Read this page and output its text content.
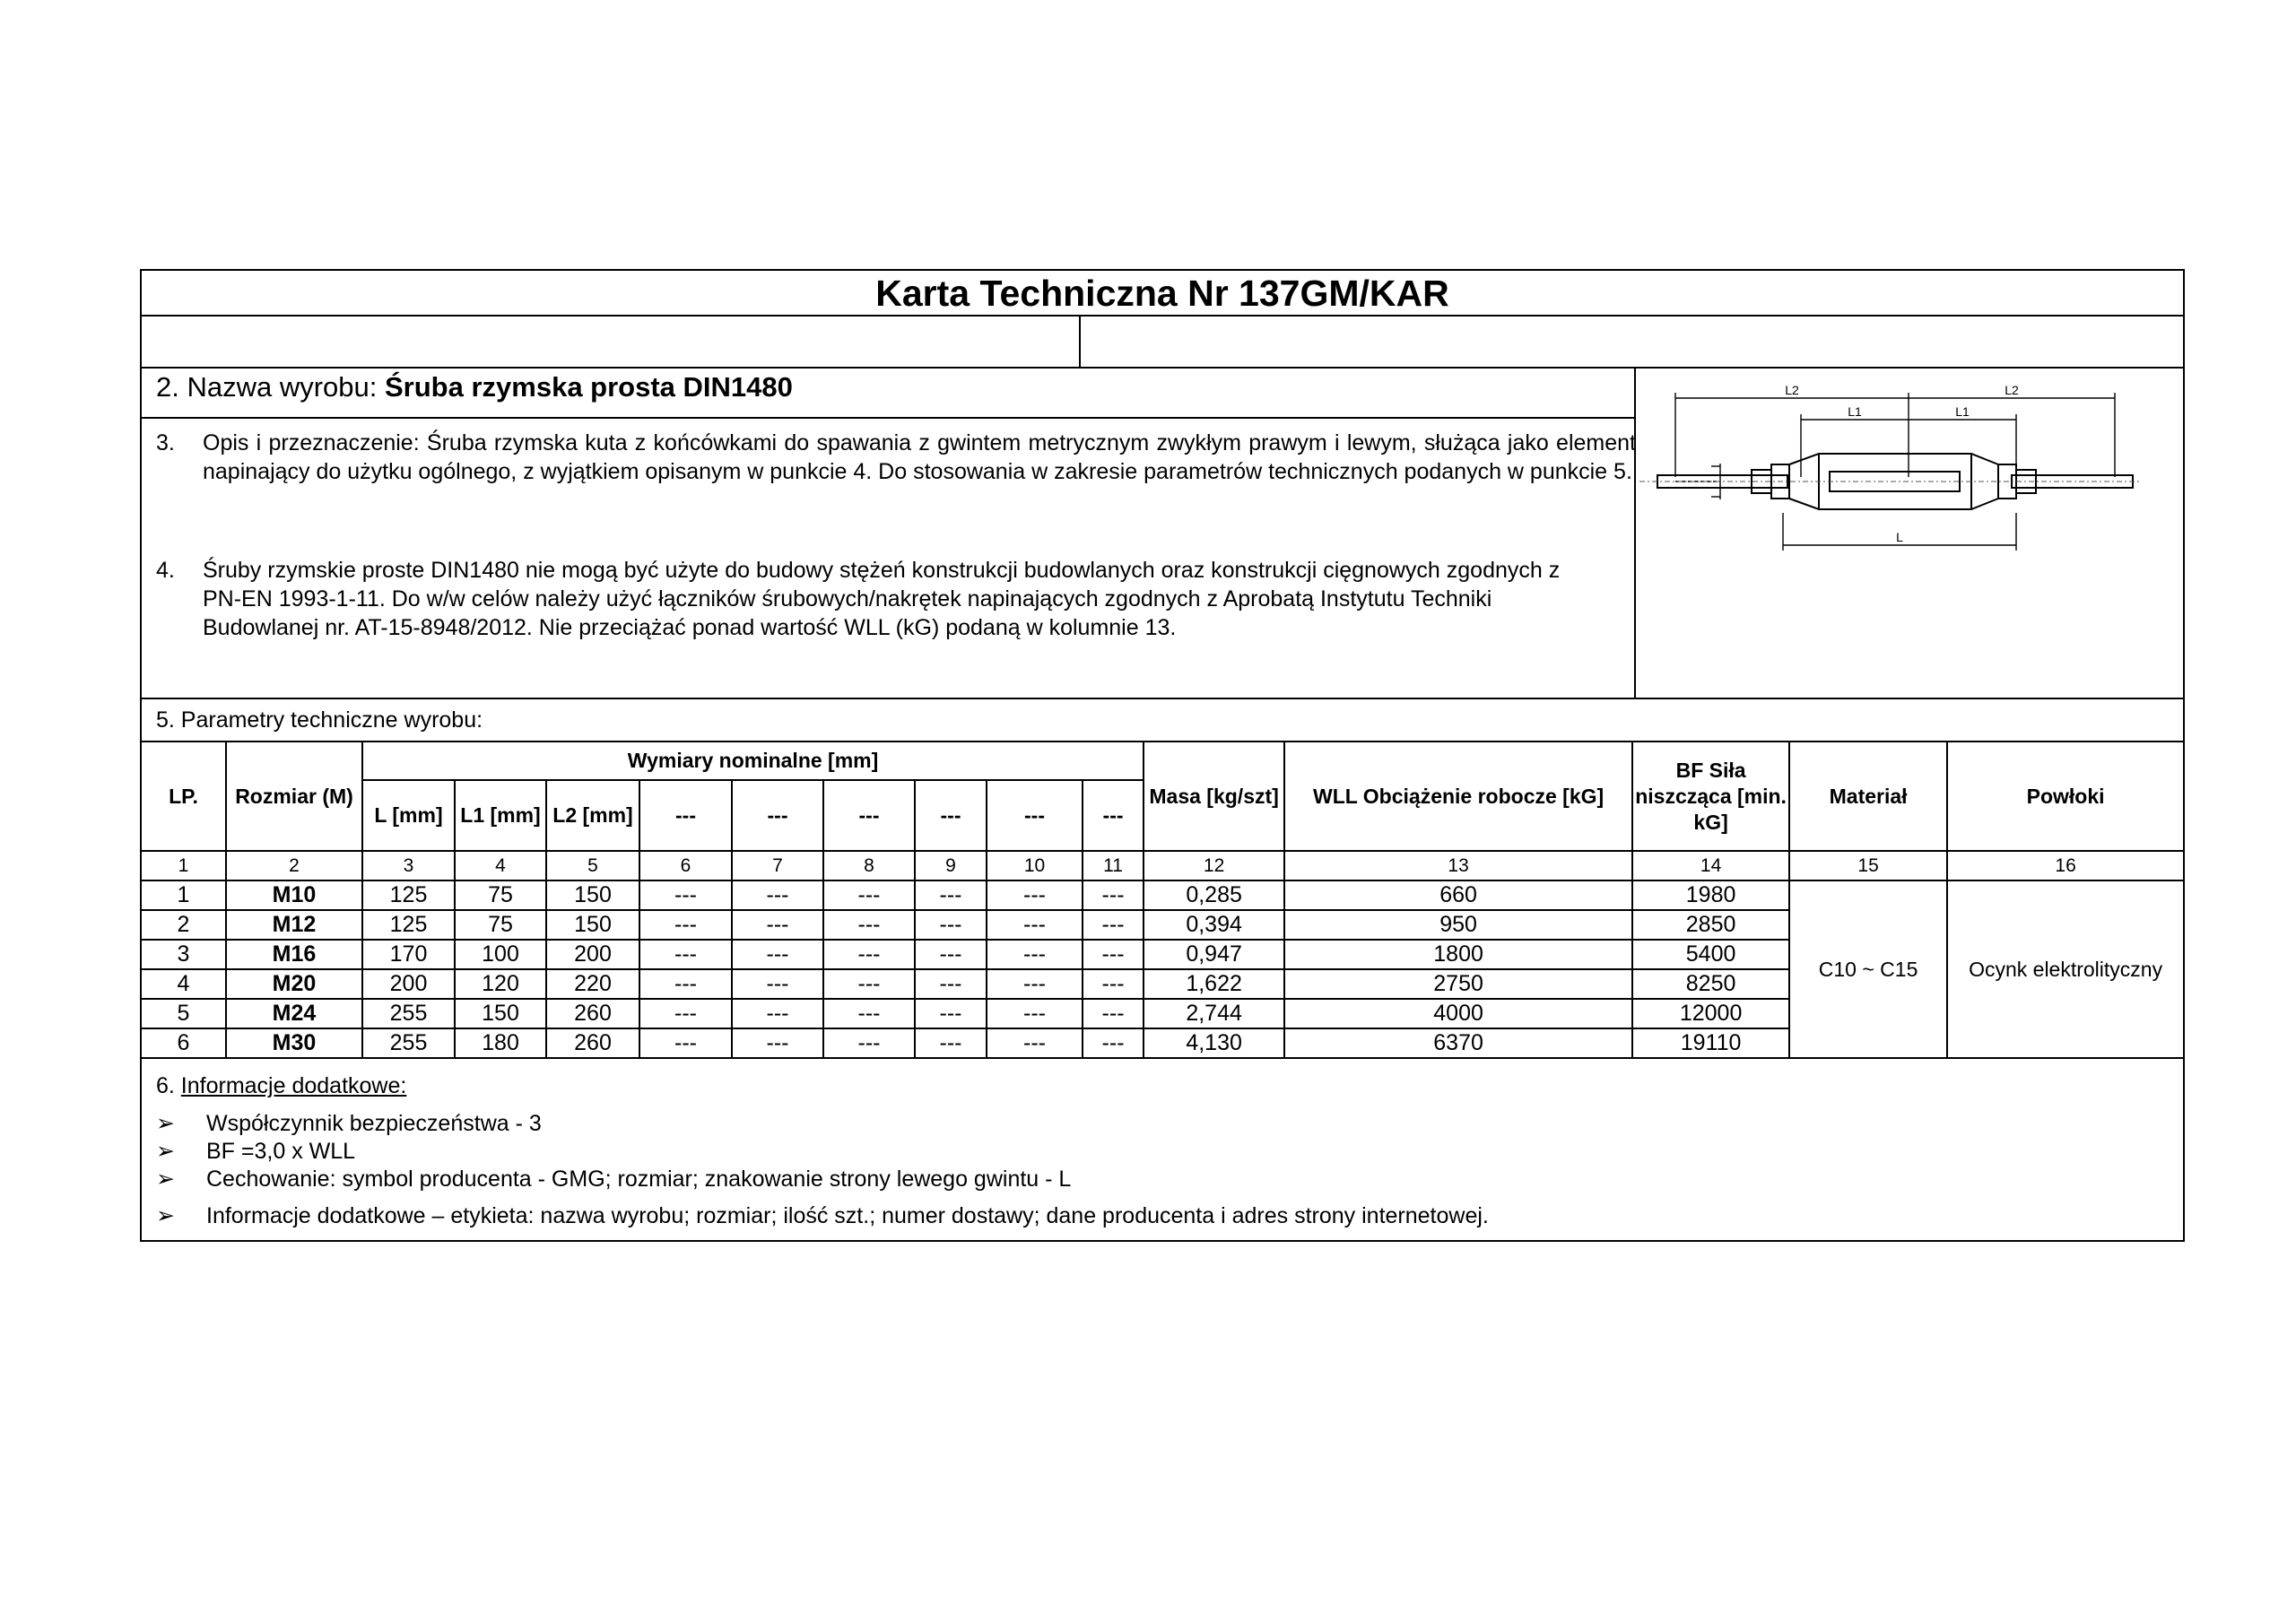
Karta Techniczna Nr 137GM/KAR
2. Nazwa wyrobu: Śruba rzymska prosta DIN1480
3. Opis i przeznaczenie: Śruba rzymska kuta z końcówkami do spawania z gwintem metrycznym zwykłym prawym i lewym, służąca jako element napinający do użytku ogólnego, z wyjątkiem opisanym w punkcie 4. Do stosowania w zakresie parametrów technicznych podanych w punkcie 5.
4. Śruby rzymskie proste DIN1480 nie mogą być użyte do budowy stężeń konstrukcji budowlanych oraz konstrukcji cięgnowych zgodnych z PN-EN 1993-1-11. Do w/w celów należy użyć łączników śrubowych/nakrętek napinających zgodnych z Aprobatą Instytutu Techniki Budowlanej nr. AT-15-8948/2012. Nie przeciążać ponad wartość WLL (kG) podaną w kolumnie 13.
L2	L2
L1	L1
L
5. Parametry techniczne wyrobu:
LP.	Rozmiar (M)	Wymiary nominalne [mm]									Masa [kg/szt]	WLL Obciążenie robocze [kG]	BF Siła niszcząca [min. kG]	Materiał	Powłoki
		L [mm]	L1 [mm]	L2 [mm]	---	---	---	---	---	---					
1	2	3	4	5	6	7	8	9	10	11	12	13	14	15	16
1	M10	125	75	150	---	---	---	---	---	---	0,285	660	1980	C10 ~ C15	Ocynk elektrolityczny
2	M12	125	75	150	---	---	---	---	---	---	0,394	950	2850		
3	M16	170	100	200	---	---	---	---	---	---	0,947	1800	5400		
4	M20	200	120	220	---	---	---	---	---	---	1,622	2750	8250		
5	M24	255	150	260	---	---	---	---	---	---	2,744	4000	12000		
6	M30	255	180	260	---	---	---	---	---	---	4,130	6370	19110		
6. Informacje dodatkowe:
➢ Współczynnik bezpieczeństwa - 3
➢ BF =3,0 x WLL
➢ Cechowanie: symbol producenta - GMG; rozmiar; znakowanie strony lewego gwintu - L
➢ Informacje dodatkowe – etykieta: nazwa wyrobu; rozmiar; ilość szt.; numer dostawy; dane producenta i adres strony internetowej.
